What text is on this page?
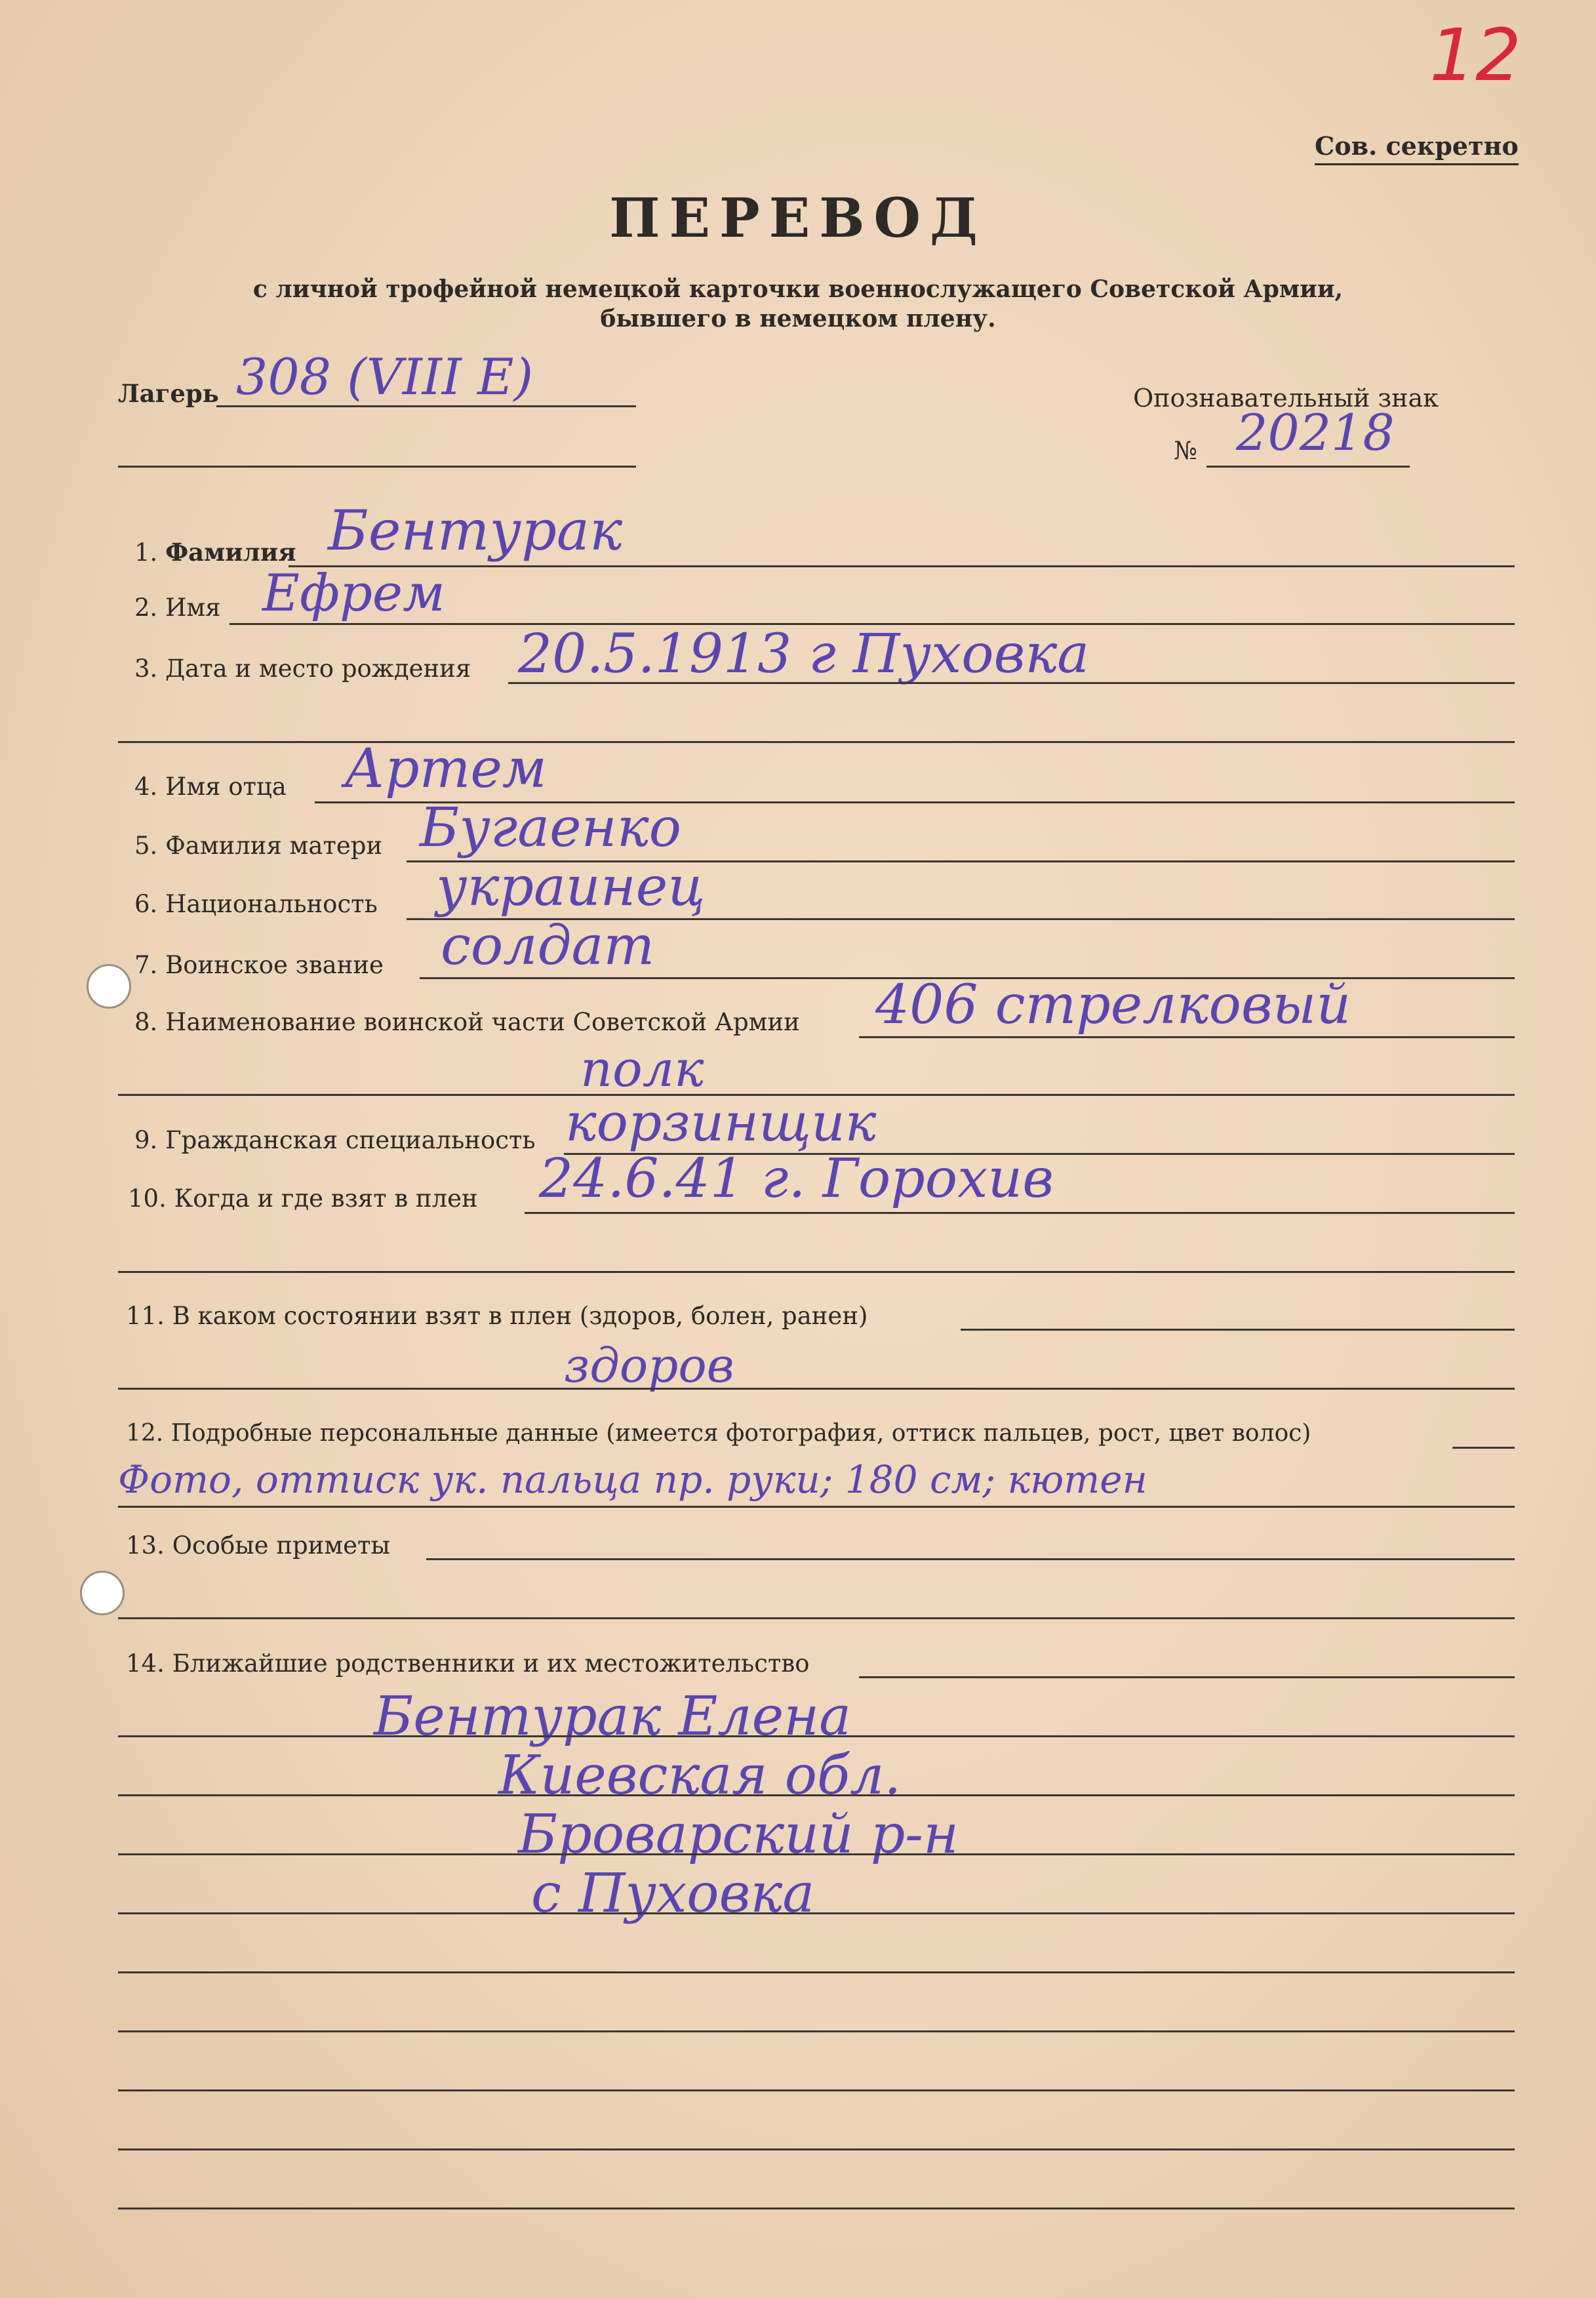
12
Сов. секретно
ПЕРЕВОД
с личной трофейной немецкой карточки военнослужащего Советской Армии,
бывшего в немецком плену.
Лагерь 308 (VIII E)	Опознавательный знак
№ 20218
1. Фамилия Бентурак
2. Имя Ефрем
3. Дата и место рождения 20.5.1913 г Пуховка
4. Имя отца Артем
5. Фамилия матери Бугаенко
6. Национальность украинец
7. Воинское звание солдат
8. Наименование воинской части Советской Армии 406 стрелковый
полк
9. Гражданская специальность корзинщик
10. Когда и где взят в плен 24.6.41 г. Горохив
11. В каком состоянии взят в плен (здоров, болен, ранен)
здоров
12. Подробные персональные данные (имеется фотография, оттиск пальцев, рост, цвет волос)
Фото, оттиск ук. пальца пр. руки; 180 см; кютен
13. Особые приметы
14. Ближайшие родственники и их местожительство
Бентурак Елена
Киевская обл.
Броварский р-н
с Пуховка
